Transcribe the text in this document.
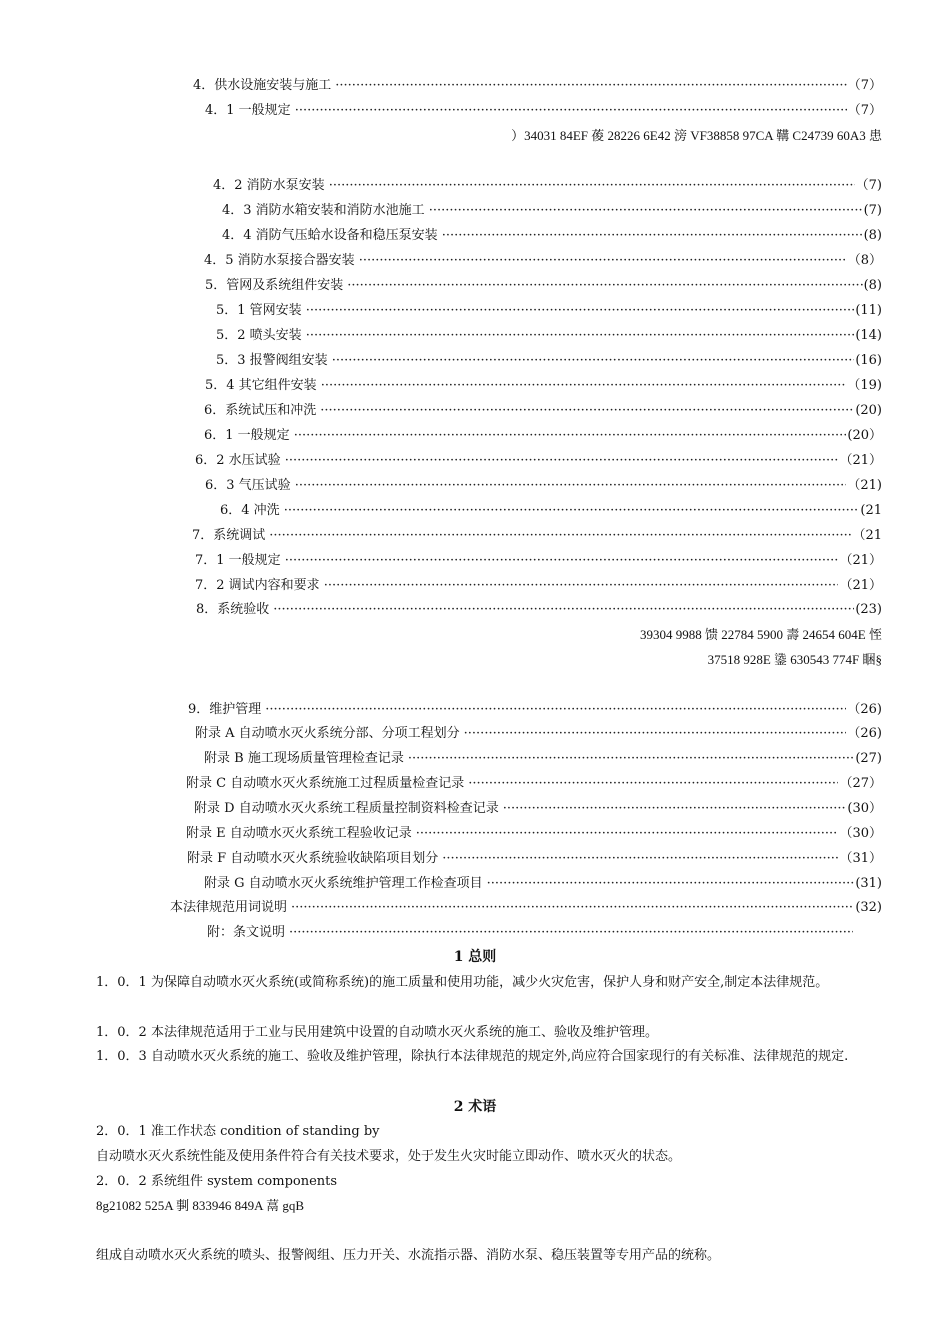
4．供水设施安装与施工 ·····	（7）
4．1 一般规定 ·····	（7）
）34031 84EF 葰 28226 6E42 滂 VF38858 97CA 鞲 C24739 60A3 患
4．2 消防水泵安装 ·····	（7)
4．3 消防水箱安装和消防水池施工 ·····	(7)
4．4 消防气压蛤水设备和稳压泵安装 ·····	(8)
4．5 消防水泵接合器安装 ·····	（8）
5．管网及系统组件安装 ·····	(8)
5．1 管网安装 ·····	(11)
5．2 喷头安装 ·····	(14)
5．3 报警阀组安装 ·····	(16)
5．4 其它组件安装 ·····	（19)
6．系统试压和冲洗 ·····	(20)
6．1 一般规定 ·····	(20）
6．2 水压试验 ·····	（21）
6．3 气压试验 ·····	（21)
6．4 冲洗 ·····	(21
7．系统调试 ·····	（21
7．1 一般规定 ·····	（21）
7．2 调试内容和要求 ·····	（21）
8．系统验收 ·····	(23)
39304 9988 馈 22784 5900 壽 24654 604E 恎
37518 928E 鍌 630543 774F 睏§
9．维护管理 ·····	（26)
附录 A 自动喷水灭火系统分部、分项工程划分 ·····	（26)
附录 B 施工现场质量管理检查记录 ·····	(27)
附录 C 自动喷水灭火系统施工过程质量检查记录 ·····	（27）
附录 D 自动喷水灭火系统工程质量控制资料检查记录 ·····	(30）
附录 E 自动喷水灭火系统工程验收记录 ·····	（30）
附录 F 自动喷水灭火系统验收缺陷项目划分 ·····	（31）
附录 G 自动喷水灭火系统维护管理工作检查项目 ·····	(31)
本法律规范用词说明 ·····	(32)
附：条文说明
·····
1 总则
1．0．1 为保障自动喷水灭火系统(或简称系统)的施工质量和使用功能，减少火灾危害，保护人身和财产安全,制定本法律规范。
1．0．2 本法律规范适用于工业与民用建筑中设置的自动喷水灭火系统的施工、验收及维护管理。
1．0．3 自动喷水灭火系统的施工、验收及维护管理，除执行本法律规范的规定外,尚应符合国家现行的有关标准、法律规范的规定.
2 术语
2．0．1 准工作状态 condition of standing by
自动喷水灭火系统性能及使用条件符合有关技术要求，处于发生火灾时能立即动作、喷水灭火的状态。
2．0．2 系统组件 system components
8g21082 525A 剚 833946 849A 蒚 gqB
组成自动喷水灭火系统的喷头、报警阀组、压力开关、水流指示器、消防水泵、稳压装置等专用产品的统称。
